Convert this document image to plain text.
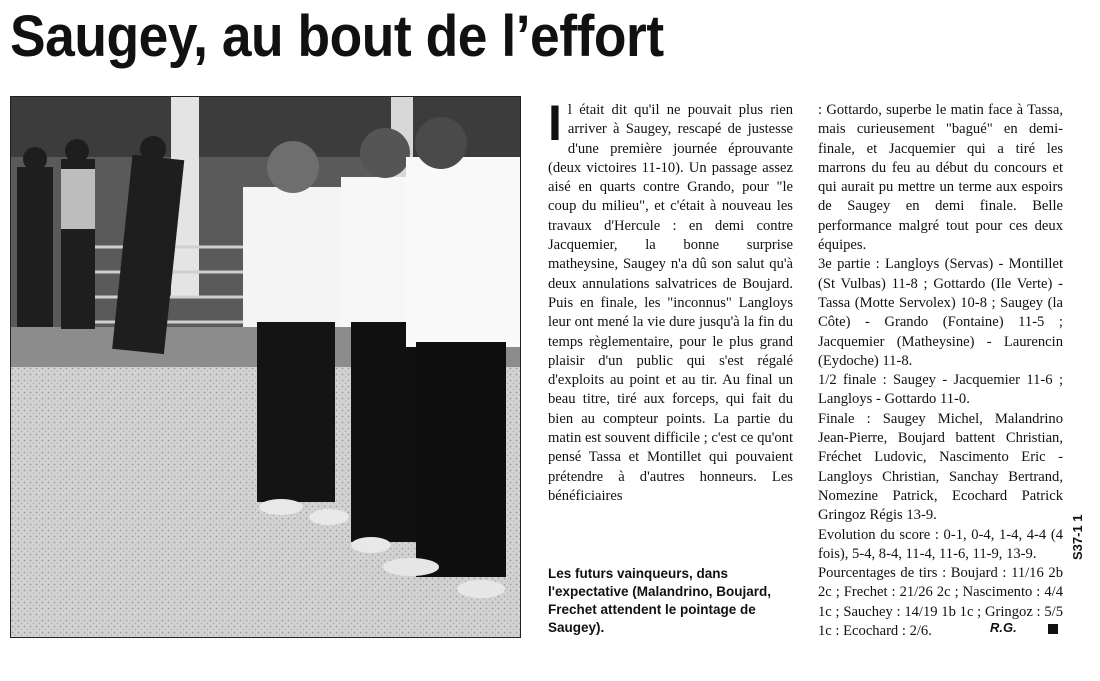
Saugey, au bout de l’effort

Il était dit qu'il ne pouvait plus rien arriver à Saugey, rescapé de justesse d'une première journée éprouvante (deux victoires 11-10). Un passage assez aisé en quarts contre Grando, pour "le coup du milieu", et c'était à nouveau les travaux d'Hercule : en demi contre Jacquemier, la bonne surprise matheysine, Saugey n'a dû son salut qu'à deux annulations salvatrices de Boujard. Puis en finale, les "inconnus" Langloys leur ont mené la vie dure jusqu'à la fin du temps règlementaire, pour le plus grand plaisir d'un public qui s'est régalé d'exploits au point et au tir. Au final un beau titre, tiré aux forceps, qui fait du bien au compteur points. La partie du matin est souvent difficile ; c'est ce qu'ont pensé Tassa et Montillet qui pouvaient prétendre à d'autres honneurs. Les bénéficiaires

: Gottardo, superbe le matin face à Tassa, mais curieusement "bagué" en demi-finale, et Jacquemier qui a tiré les marrons du feu au début du concours et qui aurait pu mettre un terme aux espoirs de Saugey en demi finale. Belle performance malgré tout pour ces deux équipes.

3e partie : Langloys (Servas) - Montillet (St Vulbas) 11-8 ; Gottardo (Ile Verte) - Tassa (Motte Servolex) 10-8 ; Saugey (la Côte) - Grando (Fontaine) 11-5 ; Jacquemier (Matheysine) - Laurencin (Eydoche) 11-8.

1/2 finale : Saugey - Jacquemier 11-6 ; Langloys - Gottardo 11-0.

Finale : Saugey Michel, Malandrino Jean-Pierre, Boujard battent Christian, Fréchet Ludovic, Nascimento Eric - Langloys Christian, Sanchay Bertrand, Nomezine Patrick, Ecochard Patrick Gringoz Régis 13-9.

Evolution du score : 0-1, 0-4, 1-4, 4-4 (4 fois), 5-4, 8-4, 11-4, 11-6, 11-9, 13-9.

Pourcentages de tirs : Boujard : 11/16 2b 2c ; Frechet : 21/26 2c ; Nascimento : 4/4 1c ; Sauchey : 14/19 1b 1c ; Gringoz : 5/5 1c : Ecochard : 2/6.

Les futurs vainqueurs, dans l'expectative (Malandrino, Boujard, Frechet attendent le pointage de Saugey).	R.G.
S37-1 1
